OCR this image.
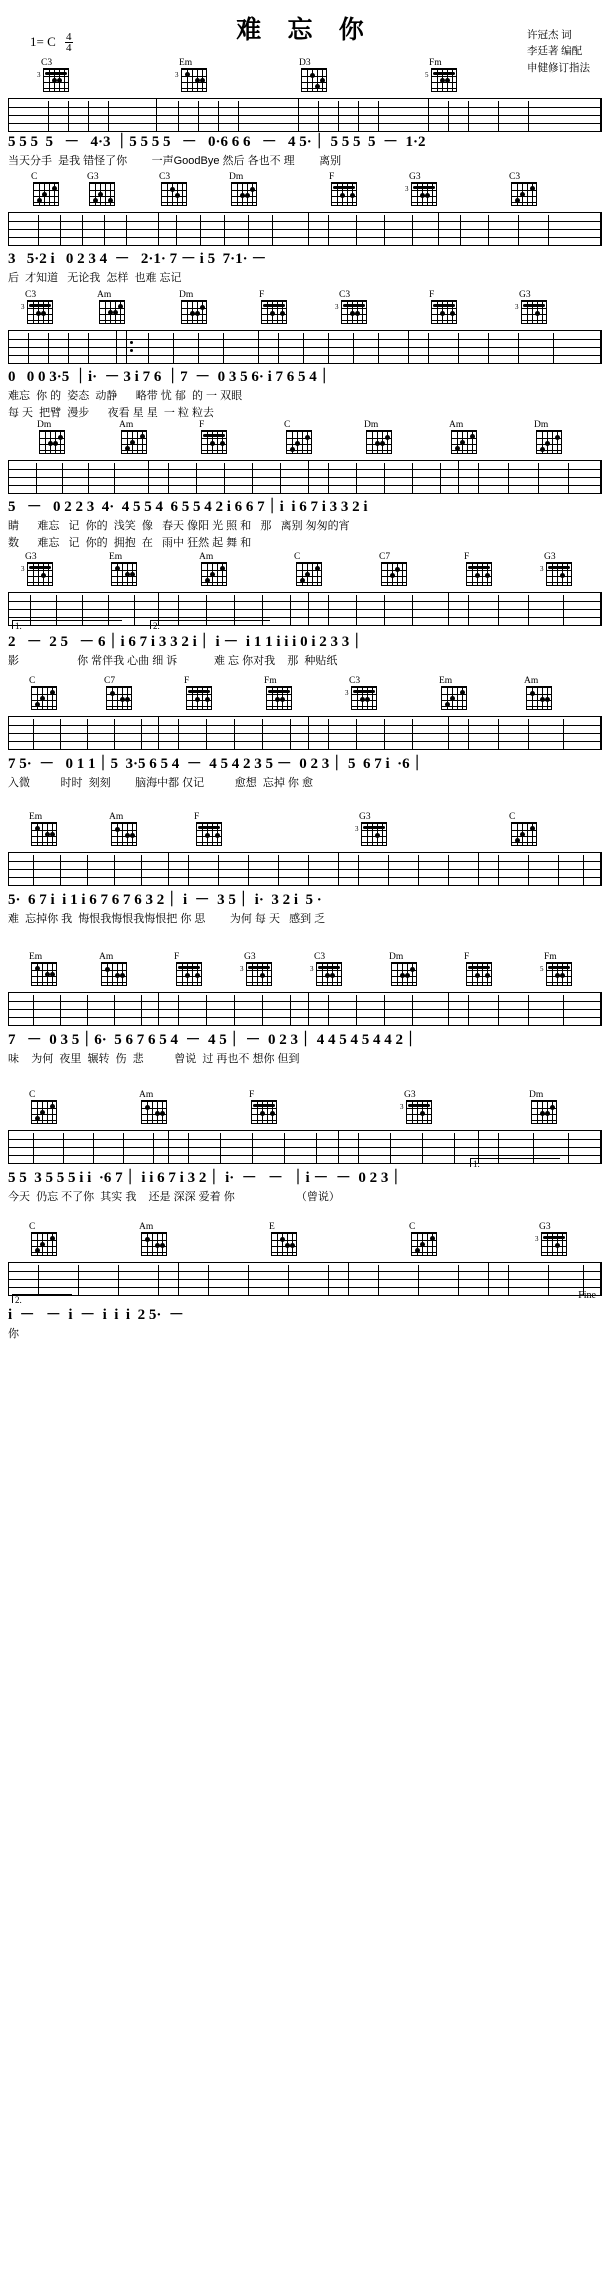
难 忘 你
1= C $\frac{4}{4}$	许冠杰 词
李廷著 编配
申健修订指法
C3
3
Em
3
D3	Fm
5
5 5 5  5   －   4·3 ｜5 5 5 5   －   0·6 6 6   －   4 5·｜ 5 5 5  5  －  1·2
当天分手  是我 错怪了你        一声GoodBye 然后 各也不 理        离别
C	G3	C3	Dm	F	G3
3
C3
3   5·2 i   0 2 3 4  －   2·1· 7 － i 5  7·1· －
后  才知道   无论我  怎样  也难 忘记
C3
3
Am	Dm	F	C3
3
F	G3
3
0   0 0 3·5 ｜i·  － 3 i 7 6 ｜7  －  0 3 5 6· i 7 6 5 4｜
难忘  你 的  姿态  动静      略带 忧 郁  的 一 双眼
每 天  把臂  漫步      夜看 星 星  一 粒 粒去
Dm	Am	F	C	Dm	Am	Dm
5   －   0 2 2 3  4·  4 5 5 4  6 5 5 4 2 i 6 6 7｜i  i 6 7 i 3 3 2 i
睛      难忘   记  你的  浅笑  像   春天 像阳 光 照 和   那   离别 匆匆的宵
数      难忘   记  你的  拥抱  在   雨中 狂然 起 舞 和
G3
3
Em	Am	C	C7	F	G3
3
1.	2.
2   －  2 5   － 6｜i 6 7 i 3 3 2 i｜ i －  i 1 1 i i i 0 i 2 3 3｜
影                   你 常伴我 心曲 细 诉            难 忘 你对我    那  种贴纸
C	C7	F	Fm	C3
3
Em	Am
7 5·  －   0 1 1｜5  3·5 6 5 4  －  4 5 4 2 3 5 －  0 2 3｜ 5  6 7 i  ·6｜
入微          时时  刻刻        脑海中都 仅记          愈想  忘掉 你 愈
Em	Am	F	G3
3
C
5·  6 7 i  i 1 i 6 7 6 7 6 3 2｜ i  －  3 5｜ i·  3 2 i  5 ·
难  忘掉你 我  悔恨我悔恨我悔恨把 你 思        为何 每 天   感到 乏
Em	Am	F	G3
3
C3
3
Dm	F	Fm
5
7   －  0 3 5｜6·  5 6 7 6 5 4  －  4 5｜ －  0 2 3｜ 4 4 5 4 5 4 4 2｜
味    为何  夜里  辗转  伤  悲          曾说  过 再也不 想你 但到
C	Am	F	G3
3
Dm
1.
5 5  3 5 5 5 i i  ·6 7｜ i i 6 7 i 3 2｜ i·  －   －  ｜i －  －  0 2 3｜
今天  仍忘 不了你  其实 我    还是 深深 爱着 你                    （曾说）
C	Am	E	C	G3
3
Fine
2.
i  －   －  i  －  i  i  i  2 5·  －
你
